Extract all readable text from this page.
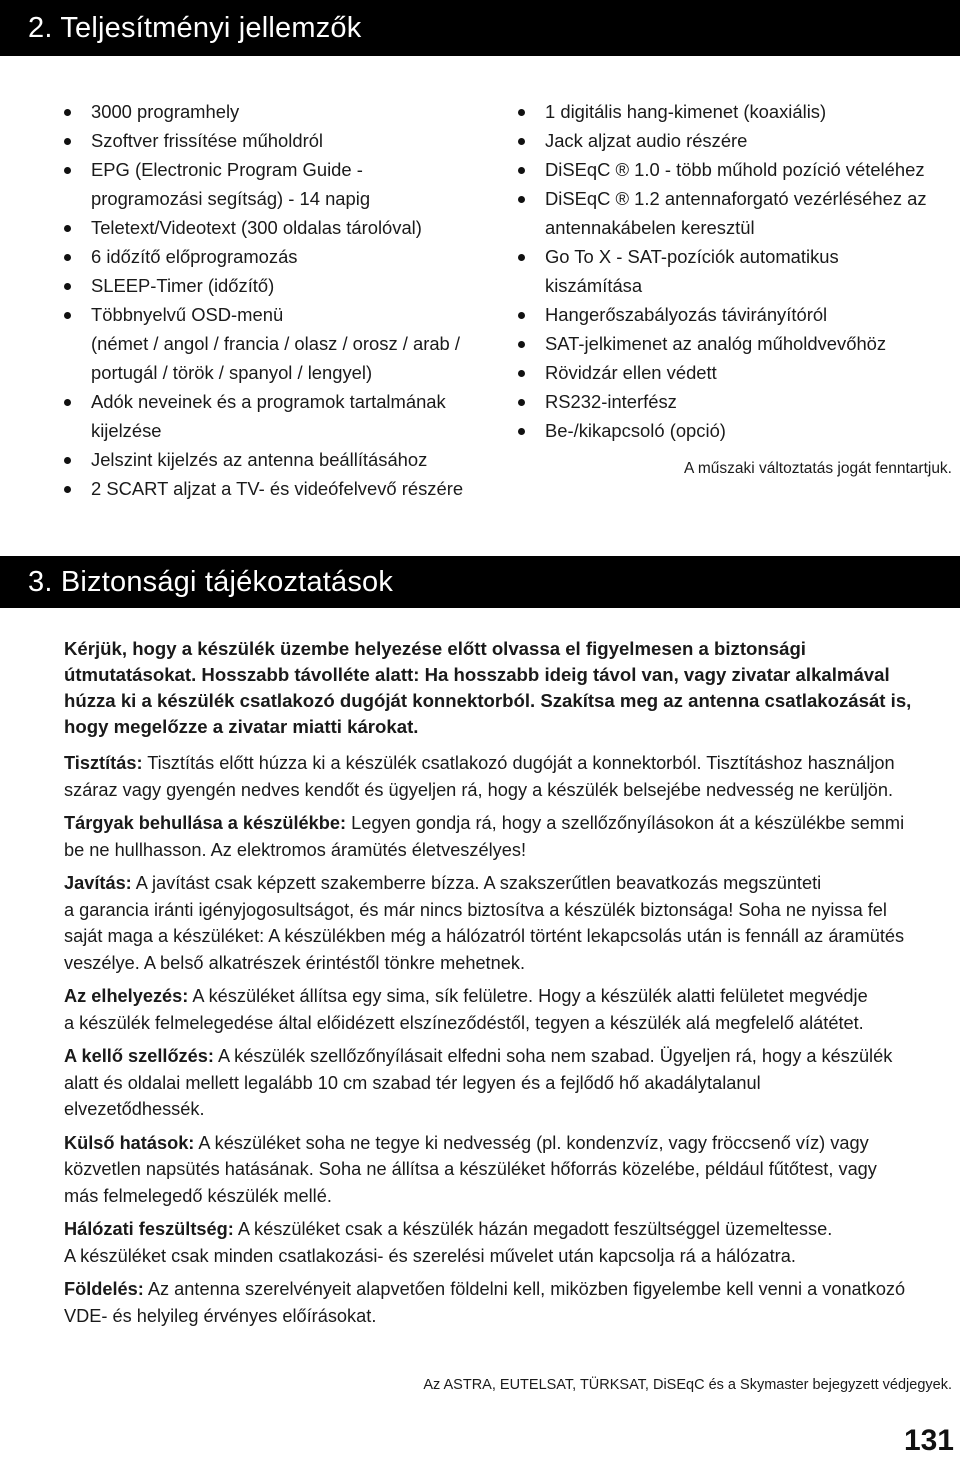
2. Teljesítményi jellemzők
3000 programhely
Szoftver frissítése műholdról
EPG (Electronic Program Guide -
programozási segítság) - 14 napig
Teletext/Videotext (300 oldalas tárolóval)
6 időzítő előprogramozás
SLEEP-Timer (időzítő)
Többnyelvű OSD-menü
(német / angol / francia / olasz / orosz / arab /
portugál / török / spanyol / lengyel)
Adók neveinek és a programok tartalmának
kijelzése
Jelszint kijelzés az antenna beállításához
2 SCART aljzat a TV- és videófelvevő részére
1 digitális hang-kimenet (koaxiális)
Jack aljzat audio részére
DiSEqC ® 1.0 - több műhold pozíció vételéhez
DiSEqC ® 1.2 antennaforgató vezérléséhez az
antennakábelen keresztül
Go To X - SAT-pozíciók automatikus
kiszámítása
Hangerőszabályozás távirányítóról
SAT-jelkimenet az analóg műholdvevőhöz
Rövidzár ellen védett
RS232-interfész
Be-/kikapcsoló (opció)
A műszaki változtatás jogát fenntartjuk.
3. Biztonsági tájékoztatások

Kérjük, hogy a készülék üzembe helyezése előtt olvassa el figyelmesen a biztonsági
útmutatásokat. Hosszabb távolléte alatt: Ha hosszabb ideig távol van, vagy zivatar alkalmával
húzza ki a készülék csatlakozó dugóját konnektorból. Szakítsa meg az antenna csatlakozását is,
hogy megelőzze a zivatar miatti károkat.

Tisztítás: Tisztítás előtt húzza ki a készülék csatlakozó dugóját a konnektorból. Tisztításhoz használjon
száraz vagy gyengén nedves kendőt és ügyeljen rá, hogy a készülék belsejébe nedvesség ne kerüljön.

Tárgyak behullása a készülékbe: Legyen gondja rá, hogy a szellőzőnyílásokon át a készülékbe semmi
be ne hullhasson. Az elektromos áramütés életveszélyes!

Javítás: A javítást csak képzett szakemberre bízza. A szakszerűtlen beavatkozás megszünteti
a garancia iránti igényjogosultságot, és már nincs biztosítva a készülék biztonsága! Soha ne nyissa fel
saját maga a készüléket: A készülékben még a hálózatról történt lekapcsolás után is fennáll az áramütés
veszélye. A belső alkatrészek érintéstől tönkre mehetnek.

Az elhelyezés: A készüléket állítsa egy sima, sík felületre. Hogy a készülék alatti felületet megvédje
a készülék felmelegedése által előidézett elszíneződéstől, tegyen a készülék alá megfelelő alátétet.

A kellő szellőzés: A készülék szellőzőnyílásait elfedni soha nem szabad. Ügyeljen rá, hogy a készülék
alatt és oldalai mellett legalább 10 cm szabad tér legyen és a fejlődő hő akadálytalanul
elvezetődhessék.

Külső hatások: A készüléket soha ne tegye ki nedvesség (pl. kondenzvíz, vagy fröccsenő víz) vagy
közvetlen napsütés hatásának. Soha ne állítsa a készüléket hőforrás közelébe, például fűtőtest, vagy
más felmelegedő készülék mellé.

Hálózati feszültség: A készüléket csak a készülék házán megadott feszültséggel üzemeltesse.
A készüléket csak minden csatlakozási- és szerelési művelet után kapcsolja rá a hálózatra.

Földelés: Az antenna szerelvényeit alapvetően földelni kell, miközben figyelembe kell venni a vonatkozó
VDE- és helyileg érvényes előírásokat.

Az ASTRA, EUTELSAT, TÜRKSAT, DiSEqC és a Skymaster bejegyzett védjegyek.
131
